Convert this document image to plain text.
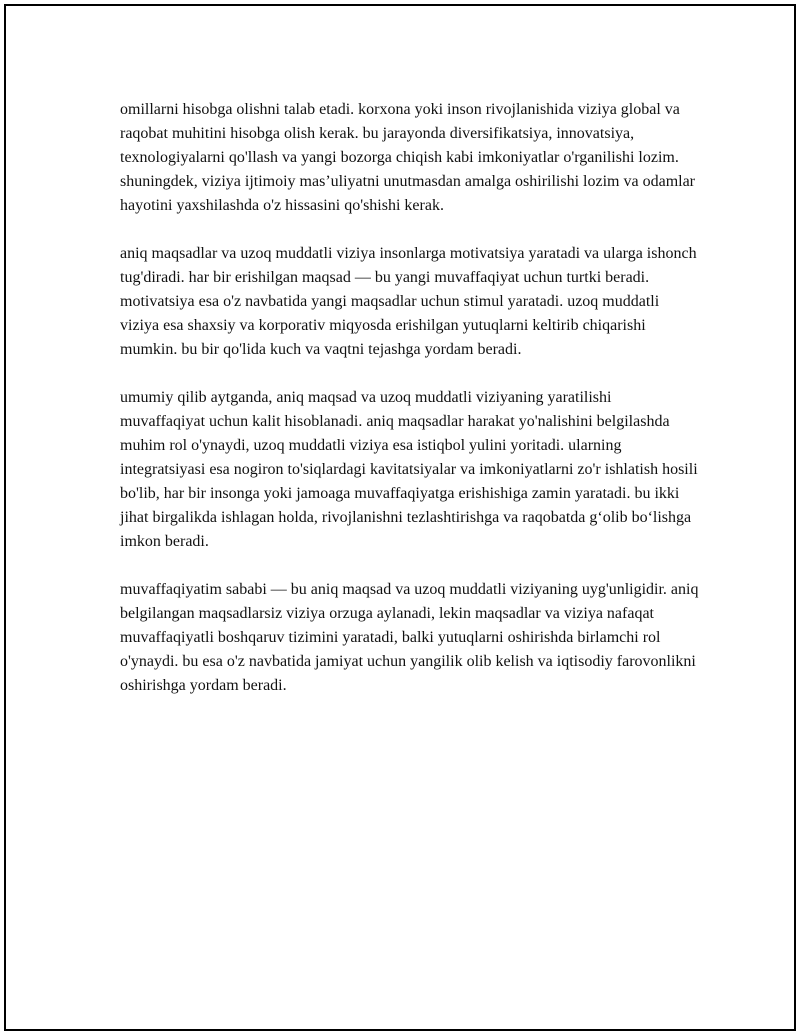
omillarni hisobga olishni talab etadi. korxona yoki inson rivojlanishida viziya global va raqobat muhitini hisobga olish kerak. bu jarayonda diversifikatsiya, innovatsiya, texnologiyalarni qo'llash va yangi bozorga chiqish kabi imkoniyatlar o'rganilishi lozim. shuningdek, viziya ijtimoiy mas’uliyatni unutmasdan amalga oshirilishi lozim va odamlar hayotini yaxshilashda o'z hissasini qo'shishi kerak.

aniq maqsadlar va uzoq muddatli viziya insonlarga motivatsiya yaratadi va ularga ishonch tug'diradi. har bir erishilgan maqsad — bu yangi muvaffaqiyat uchun turtki beradi. motivatsiya esa o'z navbatida yangi maqsadlar uchun stimul yaratadi. uzoq muddatli viziya esa shaxsiy va korporativ miqyosda erishilgan yutuqlarni keltirib chiqarishi mumkin. bu bir qo'lida kuch va vaqtni tejashga yordam beradi.

umumiy qilib aytganda, aniq maqsad va uzoq muddatli viziyaning yaratilishi muvaffaqiyat uchun kalit hisoblanadi. aniq maqsadlar harakat yo'nalishini belgilashda muhim rol o'ynaydi, uzoq muddatli viziya esa istiqbol yulini yoritadi. ularning integratsiyasi esa nogiron to'siqlardagi kavitatsiyalar va imkoniyatlarni zo'r ishlatish hosili bo'lib, har bir insonga yoki jamoaga muvaffaqiyatga erishishiga zamin yaratadi. bu ikki jihat birgalikda ishlagan holda, rivojlanishni tezlashtirishga va raqobatda g‘olib bo‘lishga imkon beradi.

muvaffaqiyatim sababi — bu aniq maqsad va uzoq muddatli viziyaning uyg'unligidir. aniq belgilangan maqsadlarsiz viziya orzuga aylanadi, lekin maqsadlar va viziya nafaqat muvaffaqiyatli boshqaruv tizimini yaratadi, balki yutuqlarni oshirishda birlamchi rol o'ynaydi. bu esa o'z navbatida jamiyat uchun yangilik olib kelish va iqtisodiy farovonlikni oshirishga yordam beradi.
